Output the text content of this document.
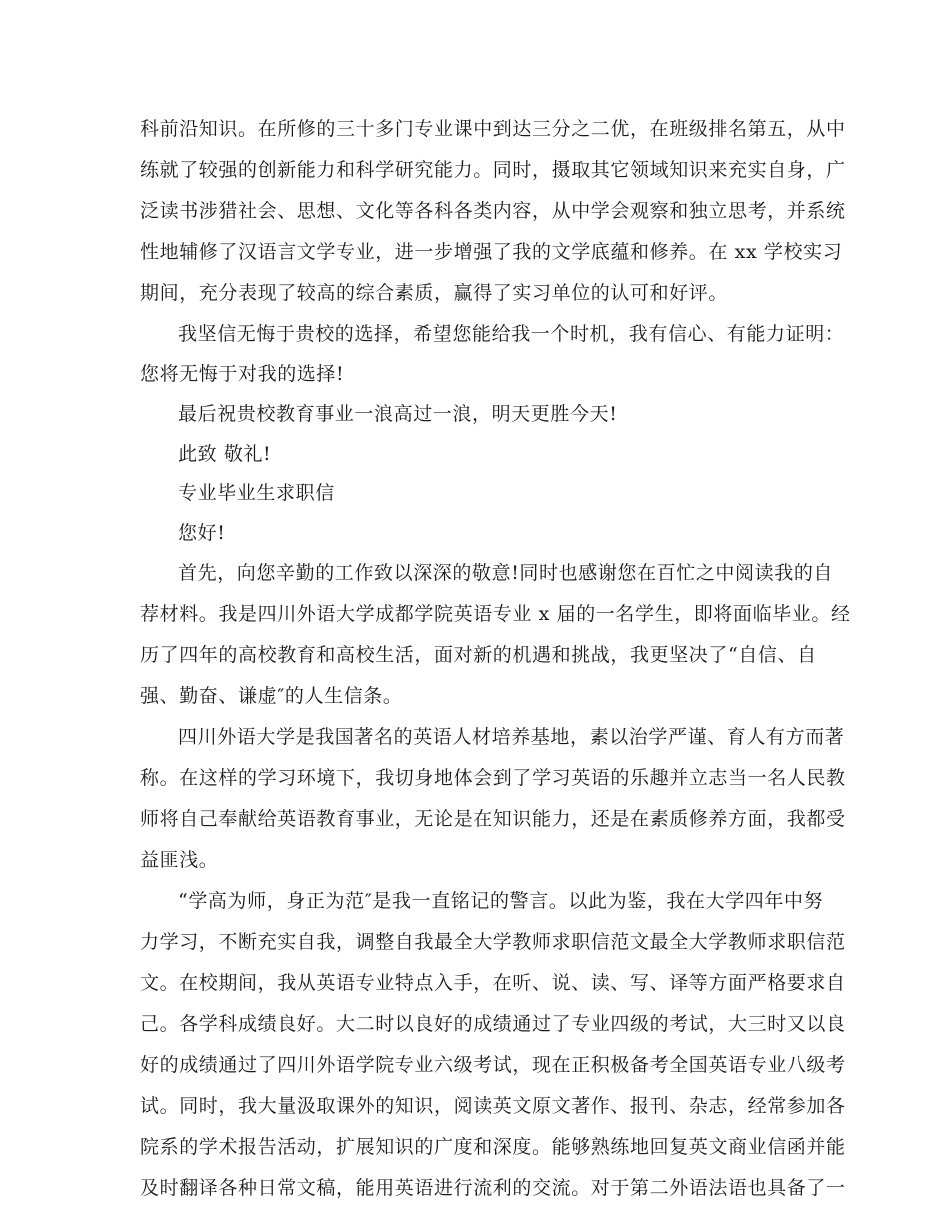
科前沿知识。在所修的三十多门专业课中到达三分之二优，在班级排名第五，从中
练就了较强的创新能力和科学研究能力。同时，摄取其它领域知识来充实自身，广
泛读书涉猎社会、思想、文化等各科各类内容，从中学会观察和独立思考，并系统
性地辅修了汉语言文学专业，进一步增强了我的文学底蕴和修养。在 xx 学校实习
期间，充分表现了较高的综合素质，赢得了实习单位的认可和好评。
我坚信无悔于贵校的选择，希望您能给我一个时机，我有信心、有能力证明：
您将无悔于对我的选择!
最后祝贵校教育事业一浪高过一浪，明天更胜今天!
此致 敬礼!
专业毕业生求职信
您好!
首先，向您辛勤的工作致以深深的敬意!同时也感谢您在百忙之中阅读我的自
荐材料。我是四川外语大学成都学院英语专业 x 届的一名学生，即将面临毕业。经
历了四年的高校教育和高校生活，面对新的机遇和挑战，我更坚决了“自信、自
强、勤奋、谦虚″的人生信条。
四川外语大学是我国著名的英语人材培养基地，素以治学严谨、育人有方而著
称。在这样的学习环境下，我切身地体会到了学习英语的乐趣并立志当一名人民教
师将自己奉献给英语教育事业，无论是在知识能力，还是在素质修养方面，我都受
益匪浅。
“学高为师，身正为范″是我一直铭记的警言。以此为鉴，我在大学四年中努
力学习，不断充实自我，调整自我最全大学教师求职信范文最全大学教师求职信范
文。在校期间，我从英语专业特点入手，在听、说、读、写、译等方面严格要求自
己。各学科成绩良好。大二时以良好的成绩通过了专业四级的考试，大三时又以良
好的成绩通过了四川外语学院专业六级考试，现在正积极备考全国英语专业八级考
试。同时，我大量汲取课外的知识，阅读英文原文著作、报刊、杂志，经常参加各
院系的学术报告活动，扩展知识的广度和深度。能够熟练地回复英文商业信函并能
及时翻译各种日常文稿，能用英语进行流利的交流。对于第二外语法语也具备了一
